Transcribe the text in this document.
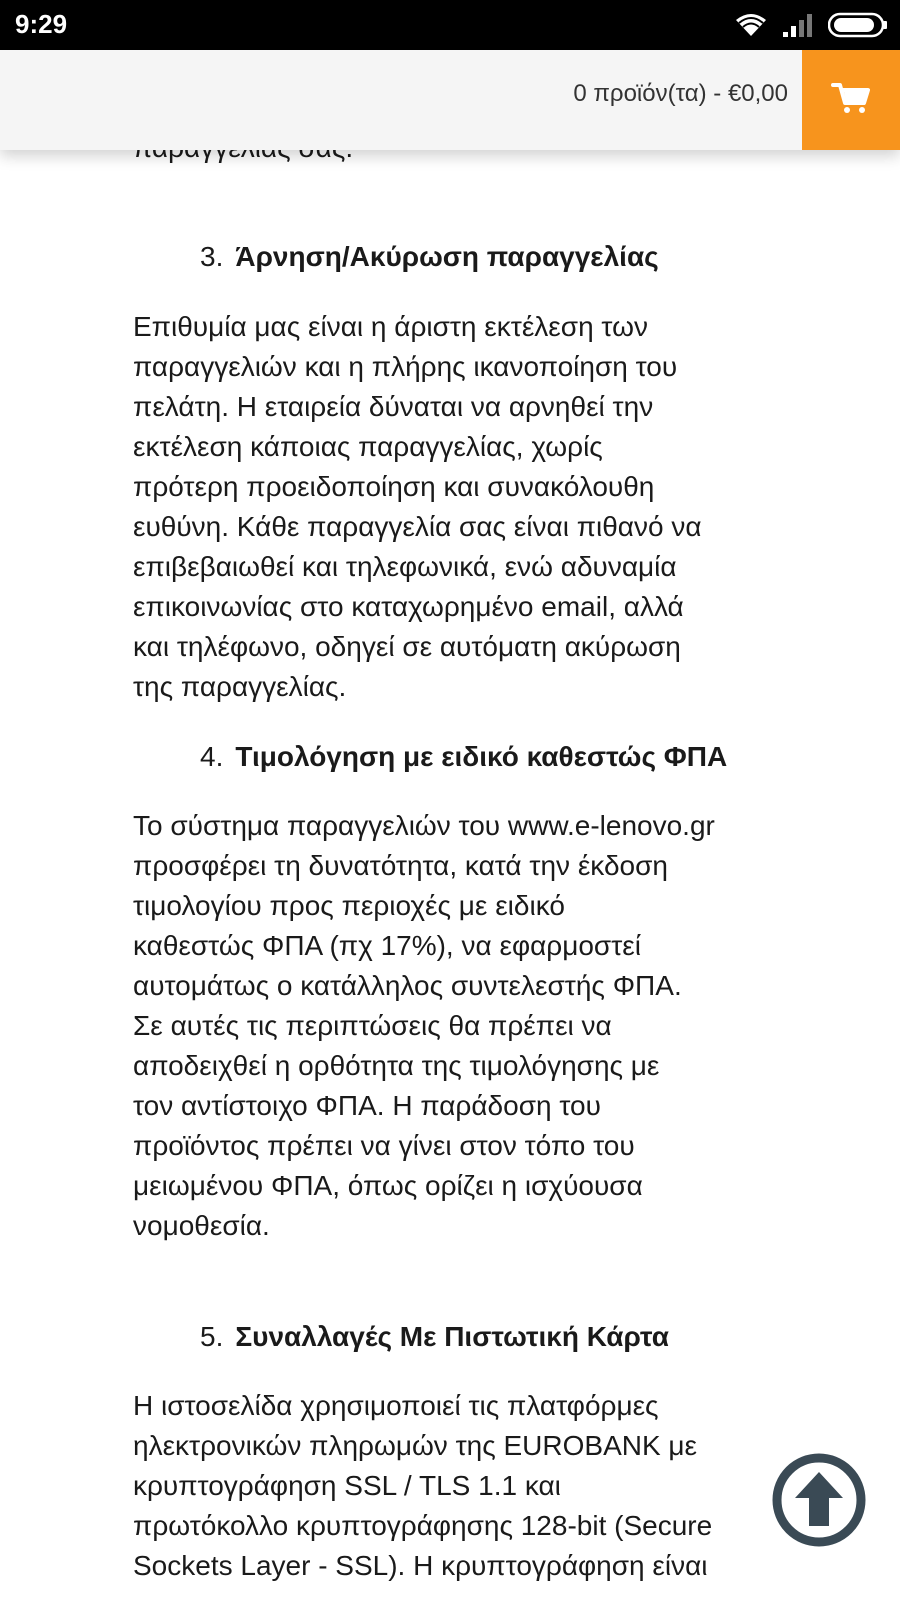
9:29
0 προϊόν(τα) - €0,00
3. Άρνηση/Ακύρωση παραγγελίας
Επιθυμία μας είναι η άριστη εκτέλεση των
παραγγελιών και η πλήρης ικανοποίηση του
πελάτη. Η εταιρεία δύναται να αρνηθεί την
εκτέλεση κάποιας παραγγελίας, χωρίς
πρότερη προειδοποίηση και συνακόλουθη
ευθύνη. Κάθε παραγγελία σας είναι πιθανό να
επιβεβαιωθεί και τηλεφωνικά, ενώ αδυναμία
επικοινωνίας στο καταχωρημένο email, αλλά
και τηλέφωνο, οδηγεί σε αυτόματη ακύρωση
της παραγγελίας.
4. Τιμολόγηση με ειδικό καθεστώς ΦΠΑ
Το σύστημα παραγγελιών του www.e-lenovo.gr
προσφέρει τη δυνατότητα, κατά την έκδοση
τιμολογίου προς περιοχές με ειδικό
καθεστώς ΦΠΑ (πχ 17%), να εφαρμοστεί
αυτομάτως ο κατάλληλος συντελεστής ΦΠΑ.
Σε αυτές τις περιπτώσεις θα πρέπει να
αποδειχθεί η ορθότητα της τιμολόγησης με
τον αντίστοιχο ΦΠΑ. Η παράδοση του
προϊόντος πρέπει να γίνει στον τόπο του
μειωμένου ΦΠΑ, όπως ορίζει η ισχύουσα
νομοθεσία.
5. Συναλλαγές Με Πιστωτική Κάρτα
Η ιστοσελίδα χρησιμοποιεί τις πλατφόρμες
ηλεκτρονικών πληρωμών της EUROBANK με
κρυπτογράφηση SSL / TLS 1.1 και
πρωτόκολλο κρυπτογράφησης 128-bit (Secure
Sockets Layer - SSL). Η κρυπτογράφηση είναι
